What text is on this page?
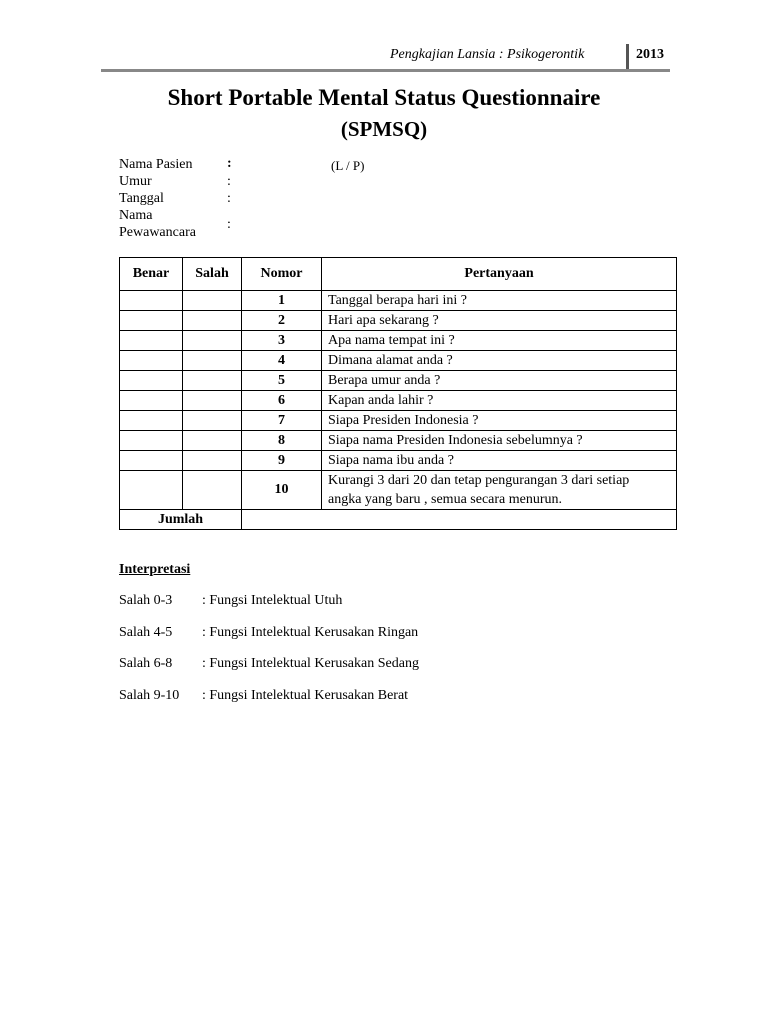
Pengkajian Lansia : Psikogerontik	2013
Short Portable Mental Status Questionnaire
(SPMSQ)
Nama Pasien :	(L / P)
Umur	:
Tanggal	:
Nama
Pewawancara
:
Benar	Salah	Nomor	Pertanyaan
		1	Tanggal berapa hari ini ?
		2	Hari apa sekarang ?
		3	Apa nama tempat ini ?
		4	Dimana alamat anda ?
		5	Berapa umur anda ?
		6	Kapan anda lahir ?
		7	Siapa Presiden Indonesia ?
		8	Siapa nama Presiden Indonesia sebelumnya ?
		9	Siapa nama ibu anda ?
		10	Kurangi 3 dari 20 dan tetap pengurangan 3 dari setiap
angka yang baru , semua secara menurun.

Jumlah			
Interpretasi
Salah 0-3 : Fungsi Intelektual Utuh
Salah 4-5 : Fungsi Intelektual Kerusakan Ringan
Salah 6-8 : Fungsi Intelektual Kerusakan Sedang
Salah 9-10 : Fungsi Intelektual Kerusakan Berat
